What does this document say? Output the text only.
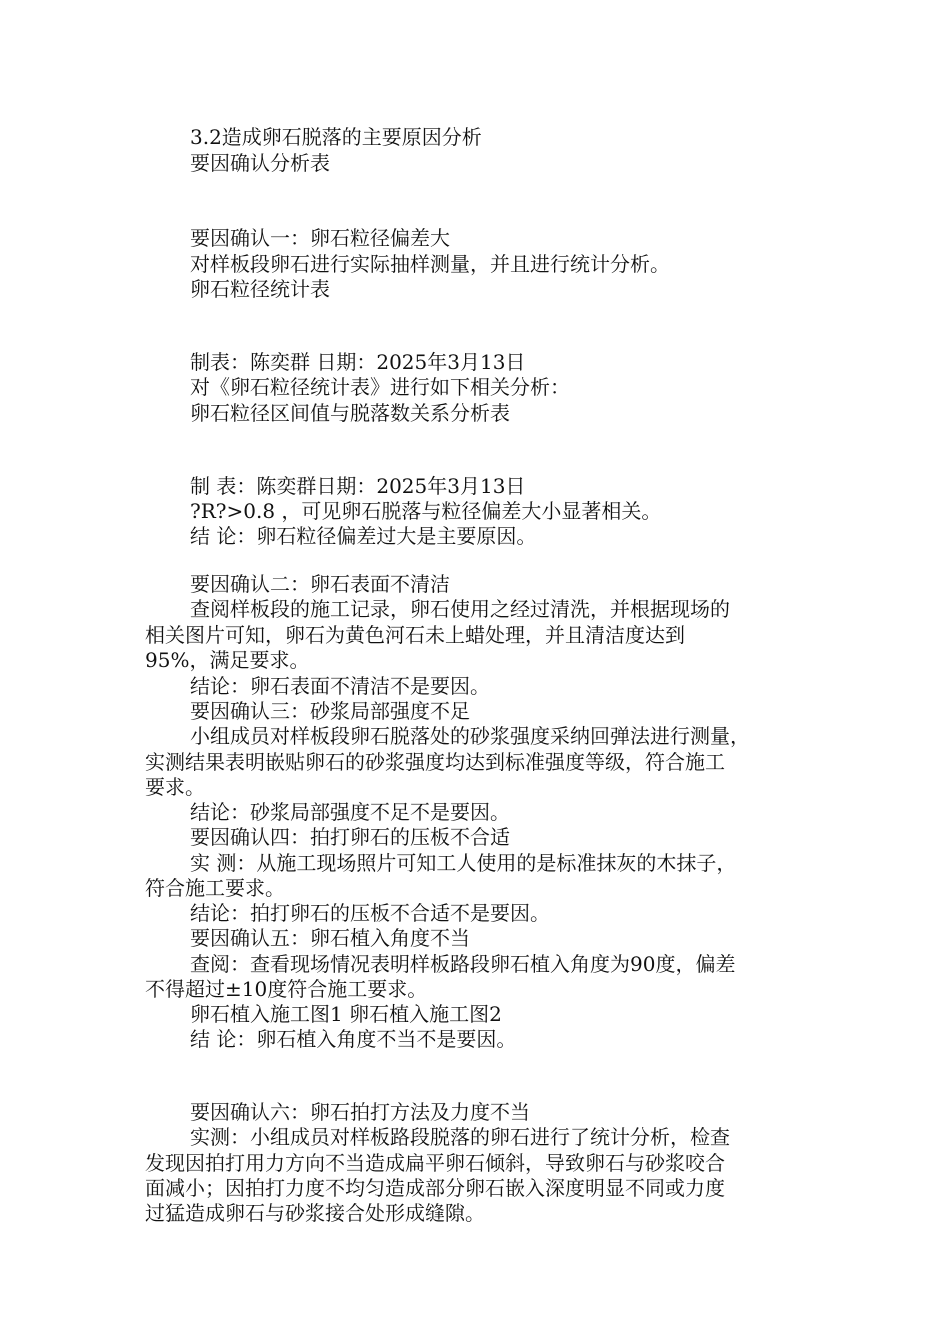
3.2造成卵石脱落的主要原因分析
要因确认分析表
要因确认一：卵石粒径偏差大
对样板段卵石进行实际抽样测量，并且进行统计分析。
卵石粒径统计表
制表：陈奕群 日期：2025年3月13日
对《卵石粒径统计表》进行如下相关分析：
卵石粒径区间值与脱落数关系分析表
制 表：陈奕群日期：2025年3月13日
?R?>0.8 ，可见卵石脱落与粒径偏差大小显著相关。
结 论：卵石粒径偏差过大是主要原因。
要因确认二：卵石表面不清洁
查阅样板段的施工记录，卵石使用之经过清洗，并根据现场的
相关图片可知，卵石为黄色河石未上蜡处理，并且清洁度达到
95%，满足要求。
结论：卵石表面不清洁不是要因。
要因确认三：砂浆局部强度不足
小组成员对样板段卵石脱落处的砂浆强度采纳回弹法进行测量，
实测结果表明嵌贴卵石的砂浆强度均达到标准强度等级，符合施工
要求。
结论：砂浆局部强度不足不是要因。
要因确认四：拍打卵石的压板不合适
实 测：从施工现场照片可知工人使用的是标准抹灰的木抹子，
符合施工要求。
结论：拍打卵石的压板不合适不是要因。
要因确认五：卵石植入角度不当
查阅：查看现场情况表明样板路段卵石植入角度为90度，偏差
不得超过±10度符合施工要求。
卵石植入施工图1 卵石植入施工图2
结 论：卵石植入角度不当不是要因。
要因确认六：卵石拍打方法及力度不当
实测：小组成员对样板路段脱落的卵石进行了统计分析，检查
发现因拍打用力方向不当造成扁平卵石倾斜，导致卵石与砂浆咬合
面减小；因拍打力度不均匀造成部分卵石嵌入深度明显不同或力度
过猛造成卵石与砂浆接合处形成缝隙。
